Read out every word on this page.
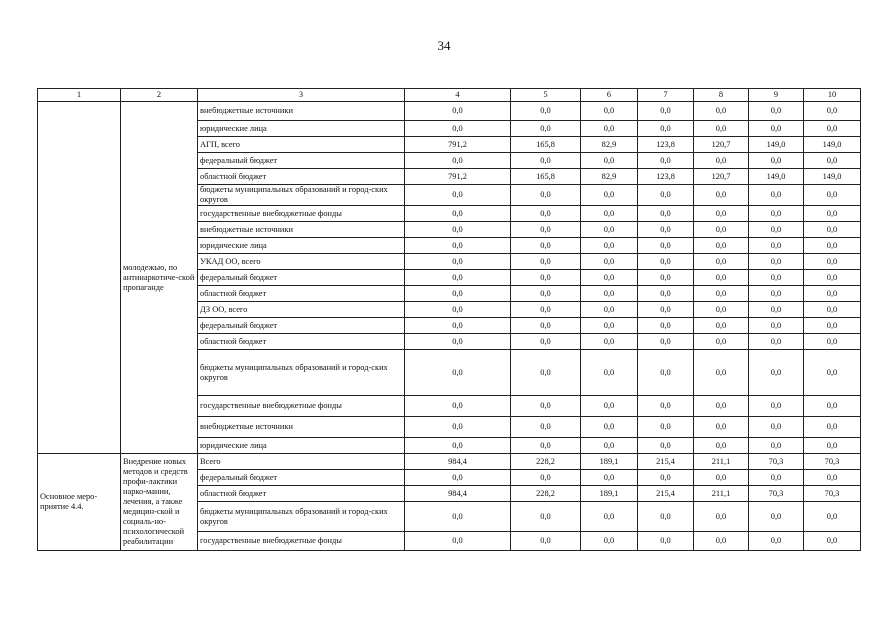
34
1	2	3	4	5	6	7	8	9	10
	молодежью, по антинаркотиче-ской пропаганде	внебюджетные источники	0,0	0,0	0,0	0,0	0,0	0,0	0,0
		юридические лица	0,0	0,0	0,0	0,0	0,0	0,0	0,0
		АГП, всего	791,2	165,8	82,9	123,8	120,7	149,0	149,0
		федеральный бюджет	0,0	0,0	0,0	0,0	0,0	0,0	0,0
		областной бюджет	791,2	165,8	82,9	123,8	120,7	149,0	149,0
		бюджеты муниципальных образований и город-ских округов	0,0	0,0	0,0	0,0	0,0	0,0	0,0
		государственные внебюджетные фонды	0,0	0,0	0,0	0,0	0,0	0,0	0,0
		внебюджетные источники	0,0	0,0	0,0	0,0	0,0	0,0	0,0
		юридические лица	0,0	0,0	0,0	0,0	0,0	0,0	0,0
		УКАД ОО, всего	0,0	0,0	0,0	0,0	0,0	0,0	0,0
		федеральный бюджет	0,0	0,0	0,0	0,0	0,0	0,0	0,0
		областной бюджет	0,0	0,0	0,0	0,0	0,0	0,0	0,0
		ДЗ ОО, всего	0,0	0,0	0,0	0,0	0,0	0,0	0,0
		федеральный бюджет	0,0	0,0	0,0	0,0	0,0	0,0	0,0
		областной бюджет	0,0	0,0	0,0	0,0	0,0	0,0	0,0
		бюджеты муниципальных образований и город-ских округов	0,0	0,0	0,0	0,0	0,0	0,0	0,0
		государственные внебюджетные фонды	0,0	0,0	0,0	0,0	0,0	0,0	0,0
		внебюджетные источники	0,0	0,0	0,0	0,0	0,0	0,0	0,0
		юридические лица	0,0	0,0	0,0	0,0	0,0	0,0	0,0
Основное меро-приятие 4.4.	Внедрение новых методов и средств профи-лактики нарко-мании, лечения, а также медицин-ской и социаль-но-психологической реабилитации	Всего	984,4	228,2	189,1	215,4	211,1	70,3	70,3
		федеральный бюджет	0,0	0,0	0,0	0,0	0,0	0,0	0,0
		областной бюджет	984,4	228,2	189,1	215,4	211,1	70,3	70,3
		бюджеты муниципальных образований и город-ских округов	0,0	0,0	0,0	0,0	0,0	0,0	0,0
		государственные внебюджетные фонды	0,0	0,0	0,0	0,0	0,0	0,0	0,0
